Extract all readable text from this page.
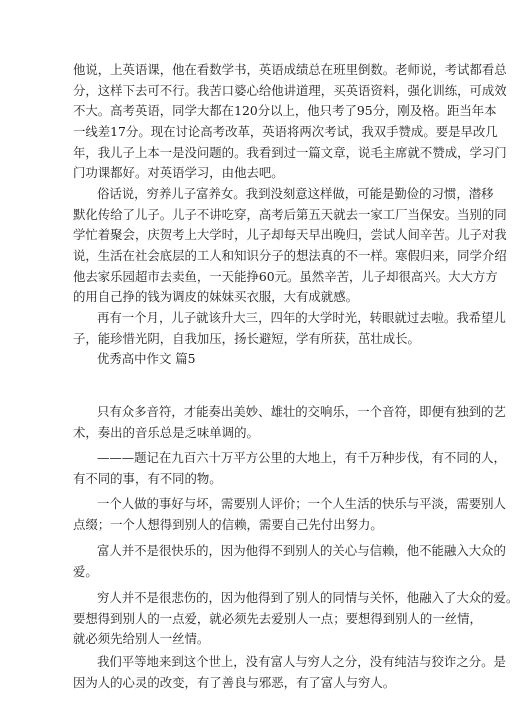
他说，上英语课，他在看数学书，英语成绩总在班里倒数。老师说，考试都看总
分，这样下去可不行。我苦口婆心给他讲道理，买英语资料，强化训练，可成效
不大。高考英语，同学大都在120分以上，他只考了95分，刚及格。距当年本
一线差17分。现在讨论高考改革，英语将两次考试，我双手赞成。要是早改几
年，我儿子上本一是没问题的。我看到过一篇文章，说毛主席就不赞成，学习门
门功课都好。对英语学习，由他去吧。

俗话说，穷养儿子富养女。我到没刻意这样做，可能是勤俭的习惯，潜移
默化传给了儿子。儿子不讲吃穿，高考后第五天就去一家工厂当保安。当别的同
学忙着聚会，庆贺考上大学时，儿子却每天早出晚归，尝试人间辛苦。儿子对我
说，生活在社会底层的工人和知识分子的想法真的不一样。寒假归来，同学介绍
他去家乐园超市去卖鱼，一天能挣60元。虽然辛苦，儿子却很高兴。大大方方
的用自己挣的钱为调皮的妹妹买衣服，大有成就感。

再有一个月，儿子就该升大三，四年的大学时光，转眼就过去啦。我希望儿
子，能珍惜光阴，自我加压，扬长避短，学有所获，茁壮成长。

优秀高中作文 篇5

只有众多音符，才能奏出美妙、雄壮的交响乐，一个音符，即便有独到的艺
术，奏出的音乐总是乏味单调的。

———题记在九百六十万平方公里的大地上，有千万种步伐，有不同的人，
有不同的事，有不同的物。

一个人做的事好与坏，需要别人评价；一个人生活的快乐与平淡，需要别人
点缀；一个人想得到别人的信赖，需要自己先付出努力。

富人并不是很快乐的，因为他得不到别人的关心与信赖，他不能融入大众的
爱。

穷人并不是很悲伤的，因为他得到了别人的同情与关怀，他融入了大众的爱。
要想得到别人的一点爱，就必须先去爱别人一点；要想得到别人的一丝情，
就必须先给别人一丝情。

我们平等地来到这个世上，没有富人与穷人之分，没有纯洁与狡诈之分。是
因为人的心灵的改变，有了善良与邪恶，有了富人与穷人。
